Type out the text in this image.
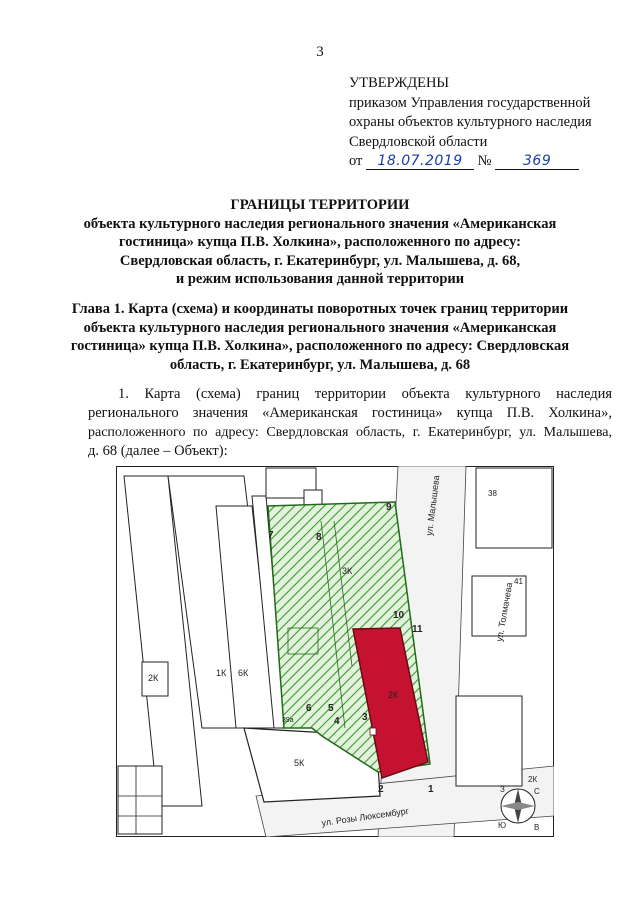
3
УТВЕРЖДЕНЫ
приказом Управления государственной
охраны объектов культурного наследия
Свердловской области
от 18.07.2019 № 369
ГРАНИЦЫ ТЕРРИТОРИИ
объекта культурного наследия регионального значения «Американская
гостиница» купца П.В. Холкина», расположенного по адресу:
Свердловская область, г. Екатеринбург, ул. Малышева, д. 68,
и режим использования данной территории
Глава 1. Карта (схема) и координаты поворотных точек границ территории
объекта культурного наследия регионального значения «Американская
гостиница» купца П.В. Холкина», расположенного по адресу: Свердловская
область, г. Екатеринбург, ул. Малышева, д. 68
1. Карта (схема) границ территории объекта культурного наследия
регионального значения «Американская гостиница» купца П.В. Холкина»,
расположенного по адресу: Свердловская область, г. Екатеринбург, ул. Малышева,
д. 68 (далее – Объект):
ул. Малышева
ул. Толмачева
ул. Розы Люксембург
1К 6К
2К
3К
5К
2К
38
39а
41
2К
1
2
3
4
5
6
7	8
9
10
11
С
Ю
З
В
